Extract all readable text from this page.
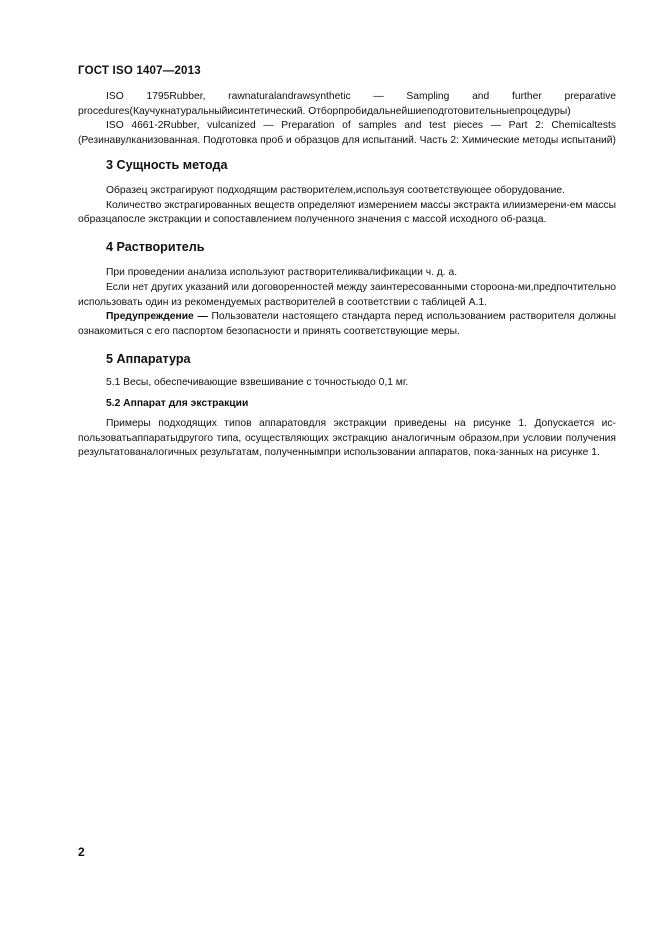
ГОСТ ISO 1407—2013

ISO 1795Rubber, rawnaturalandrawsynthetic — Sampling and further preparative procedures(Каучукнатуральныйисинтетический. Отборпробидальнейшиеподготовительныепроцедуры)

ISO 4661-2Rubber, vulcanized — Preparation of samples and test pieces — Part 2: Chemicaltests (Резинавулканизованная. Подготовка проб и образцов для испытаний. Часть 2: Химические методы испытаний)

3 Сущность метода

Образец экстрагируют подходящим растворителем,используя соответствующее оборудование.

Количество экстрагированных веществ определяют измерением массы экстракта илиизмерени-ем массы образцапосле экстракции и сопоставлением полученного значения с массой исходного об-разца.

4 Растворитель

При проведении анализа используют растворителиквалификации ч. д. а.

Если нет других указаний или договоренностей между заинтересованными стороона-ми,предпочтительно использовать один из рекомендуемых растворителей в соответствии с таблицей А.1.

Предупреждение — Пользователи настоящего стандарта перед использованием растворителя должны ознакомиться с его паспортом безопасности и принять соответствующие меры.

5 Аппаратура

5.1 Весы, обеспечивающие взвешивание с точностьюдо 0,1 мг.

5.2 Аппарат для экстракции

Примеры подходящих типов аппаратовдля экстракции приведены на рисунке 1. Допускается ис-пользоватьаппаратыдругого типа, осуществляющих экстракцию аналогичным образом,при условии получения результатованалогичных результатам, полученнымпри использовании аппаратов, пока-занных на рисунке 1.

2
